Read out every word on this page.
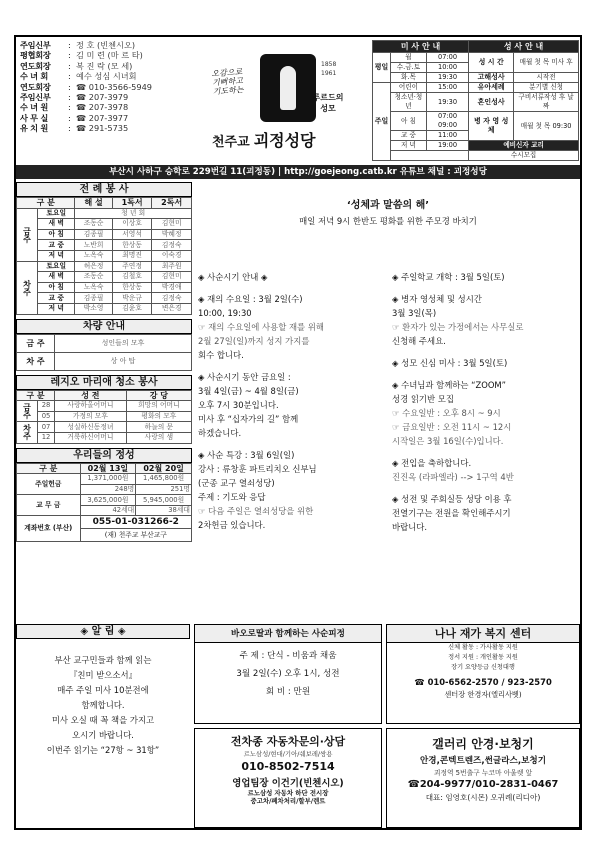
주임신부	: 정 호 (빈첸시오)
평협회장	: 김 미 련 (마 르 타)
연도회장	: 복 진 락 (모 세)
수 녀 회	: 예수 성심 시녀회
연도회장	: ☎ 010-3566-5949
주임신부	: ☎ 207-3979
수 녀 원	: ☎ 207-3978
사 무 실	: ☎ 207-3977
유 치 원	: ☎ 291-5735
오감으로 기뻐하고 기도하는
1858
1961
루르드의 성모
천주교 괴정성당
미 사 안 내			성 사 안 내	
평일	월	07:00	성 시 간	매월 첫 목 미사 후
	수.금.토	10:00		
	화.목	19:30	고해성사	시작전
주일	어린이	15:00	유아세례	분기별 신청
	청소년·청년	19:30	혼인성사	구비서류작성 후 날 짜
	아 침	07:00 09:00	병 자 영 성 체	매월 첫 목 09:30
	교 중	11:00		
	저 녁	19:00	예비신자 교리	
			수시모집	
부산시 사하구 승학로 229번길 11(괴정동) | http://goejeong.catb.kr 유튜브 채널 : 괴정성당
전 례 봉 사
구 분		해 설	1독서	2독서
금주	토요일	청 년 회		
	새 벽	조동순	이상호	김현미
	아 침	김종필	서영석	박혜정
	교 중	노반희	한상동	김정숙
	저 녁	노옥숙	최명진	이숙경
차주	토요일	허은정	주연정	최주원
	새 벽	조동순	김철호	김현미
	아 침	노옥숙	한상동	박경애
	교 중	김종필	박운규	김정숙
	저 녁	박소영	김윤호	변은경
차량 안내
금 주	성인들의 모후
차 주	상 아 탑
레지오 마리애 청소 봉사
구 분		성 전	강 당
금주	28	사랑하올어머니	희망의 어머니
	05	가정의 모후	평화의 모후
차주	07	성실하신동정녀	하늘의 문
	12	거룩하신어머니	사랑의 샘
우리들의 정성
구 분	02월 13일	02월 20일
주일헌금	1,371,000원	1,465,800원
	248명	251명
교 무 금	3,625,000원	5,945,000원
	42세대	38세대
계좌번호 (부산)	055-01-031266-2	
	(재) 천주교 부산교구	
‘성체과 말씀의 해’
매일 저녁 9시 한반도 평화를 위한 주모경 바치기

◈ 사순시기 안내 ◈

◈ 재의 수요일 : 3월 2일(수)

10:00, 19:30

☞ 재의 수요일에 사용할 재를 위해

2월 27일(일)까지 성지 가지를

회수 합니다.

◈ 사순시기 동안 금요일 :

3월 4일(금) ~ 4월 8일(금)

오후 7시 30분입니다.

미사 후 “십자가의 길” 함께

하겠습니다.

◈ 사순 특강 : 3월 6일(일)

강사 : 류창훈 파트리치오 신부님

(군종 교구 열쇠성당)

주제 : 기도와 응답

☞ 다음 주일은 열쇠성당을 위한

2차헌금 있습니다.

◈ 주일학교 개학 : 3월 5일(토)

◈ 병자 영성체 및 성시간

3월 3일(목)

☞ 환자가 있는 가정에서는 사무실로

신청해 주세요.

◈ 성모 신심 미사 : 3월 5일(토)

◈ 수녀님과 함께하는 “ZOOM”

성경 읽기반 모집

☞ 수요일반 : 오후 8시 ~ 9시

☞ 금요일반 : 오전 11시 ~ 12시

시작일은 3월 16일(수)입니다.

◈ 전입을 축하합니다.

진진옥 (라파엘라) --> 1구역 4반

◈ 성전 및 주회실등 성당 이용 후

전열기구는 전원을 확인해주시기

바랍니다.

◈ 알 림 ◈
부산 교구민들과 함께 읽는
『친미 받으소서』
매주 주일 미사 10분전에
함께합니다.
미사 오실 때 꼭 책을 가지고
오시기 바랍니다.
이번주 읽기는 “27항 ~ 31항”
바오로딸과 함께하는 사순피정
주 제 : 단식 - 비움과 채움
3월 2일(수) 오후 1시, 성전
회 비 : 만원
전차종 자동차문의·상담
르노삼성/현대/기아/쉐보레/쌍용
010-8502-7514
영업팀장 이건기(빈첸시오)
르노삼성 자동차 하단 전시장
중고차/폐차처리/할부/렌트
나나 재가 복지 센터
신체 활동 : 가사활동 지원
정서 지원 : 개인활동 지원
장기 요양등급 신청대행
☎ 010-6562-2570 / 923-2570
센터장 한경자(엘리사벳)
갤러리 안경·보청기
안경,콘텍트렌즈,썬글라스,보청기
괴정역 5번출구 누코마 아울렛 앞
☎204-9977/010-2831-0467
대표: 임영호(시몬) 오귀례(리디아)
